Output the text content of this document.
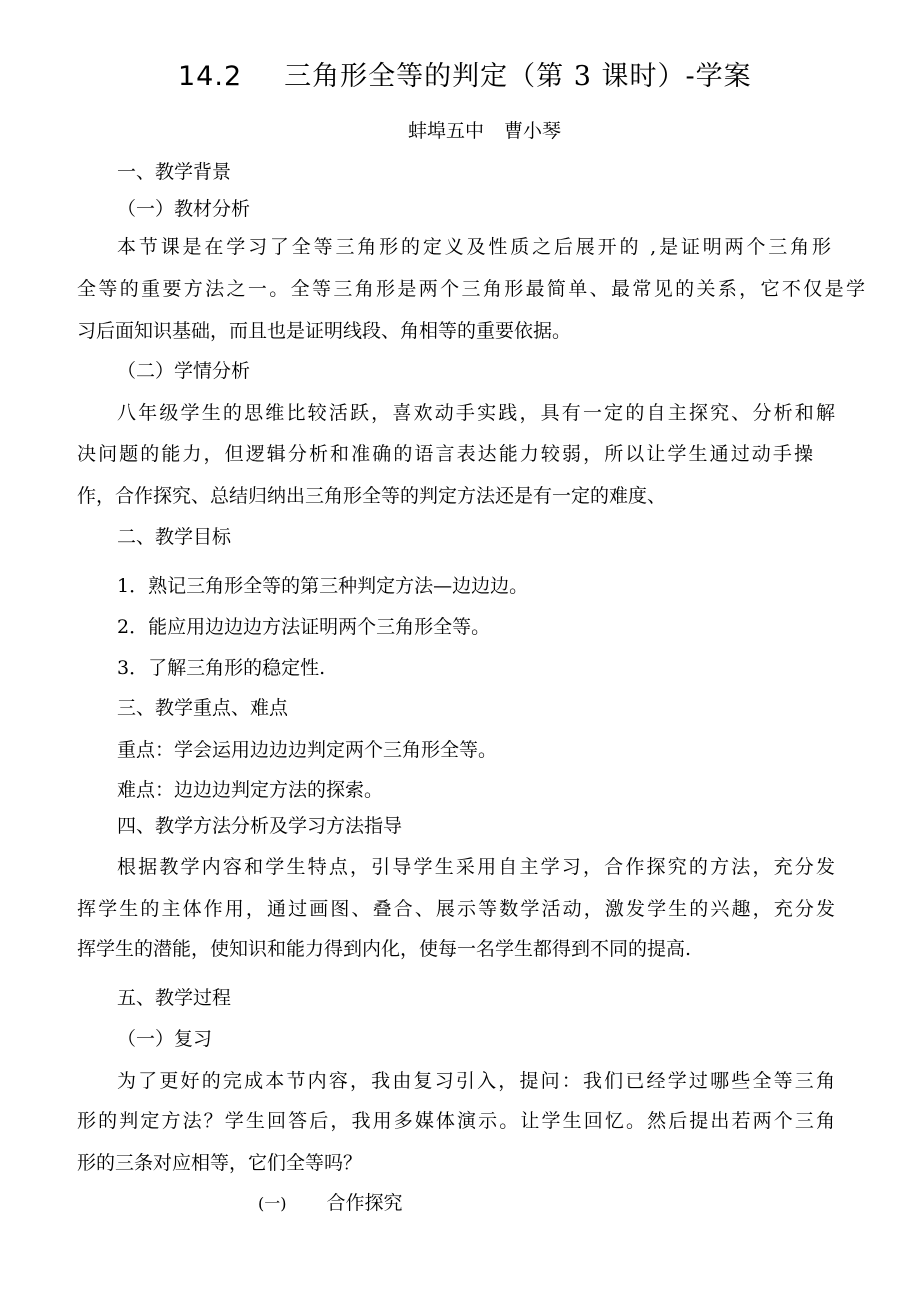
14.2 三角形全等的判定（第 3 课时）-学案
蚌埠五中 曹小琴
一、教学背景
（一）教材分析
本节课是在学习了全等三角形的定义及性质之后展开的 ,是证明两个三角形
全等的重要方法之一。全等三角形是两个三角形最简单、最常见的关系，它不仅是学
习后面知识基础，而且也是证明线段、角相等的重要依据。
（二）学情分析
八年级学生的思维比较活跃，喜欢动手实践，具有一定的自主探究、分析和解
决问题的能力，但逻辑分析和准确的语言表达能力较弱，所以让学生通过动手操
作，合作探究、总结归纳出三角形全等的判定方法还是有一定的难度、
二、教学目标
1．熟记三角形全等的第三种判定方法—边边边。
2．能应用边边边方法证明两个三角形全等。
3．了解三角形的稳定性.
三、教学重点、难点
重点：学会运用边边边判定两个三角形全等。
难点：边边边判定方法的探索。
四、教学方法分析及学习方法指导
根据教学内容和学生特点，引导学生采用自主学习，合作探究的方法，充分发
挥学生的主体作用，通过画图、叠合、展示等数学活动，激发学生的兴趣，充分发
挥学生的潜能，使知识和能力得到内化，使每一名学生都得到不同的提高.
五、教学过程
（一）复习
为了更好的完成本节内容，我由复习引入，提问：我们已经学过哪些全等三角
形的判定方法？学生回答后，我用多媒体演示。让学生回忆。然后提出若两个三角
形的三条对应相等，它们全等吗？
(一) 合作探究
